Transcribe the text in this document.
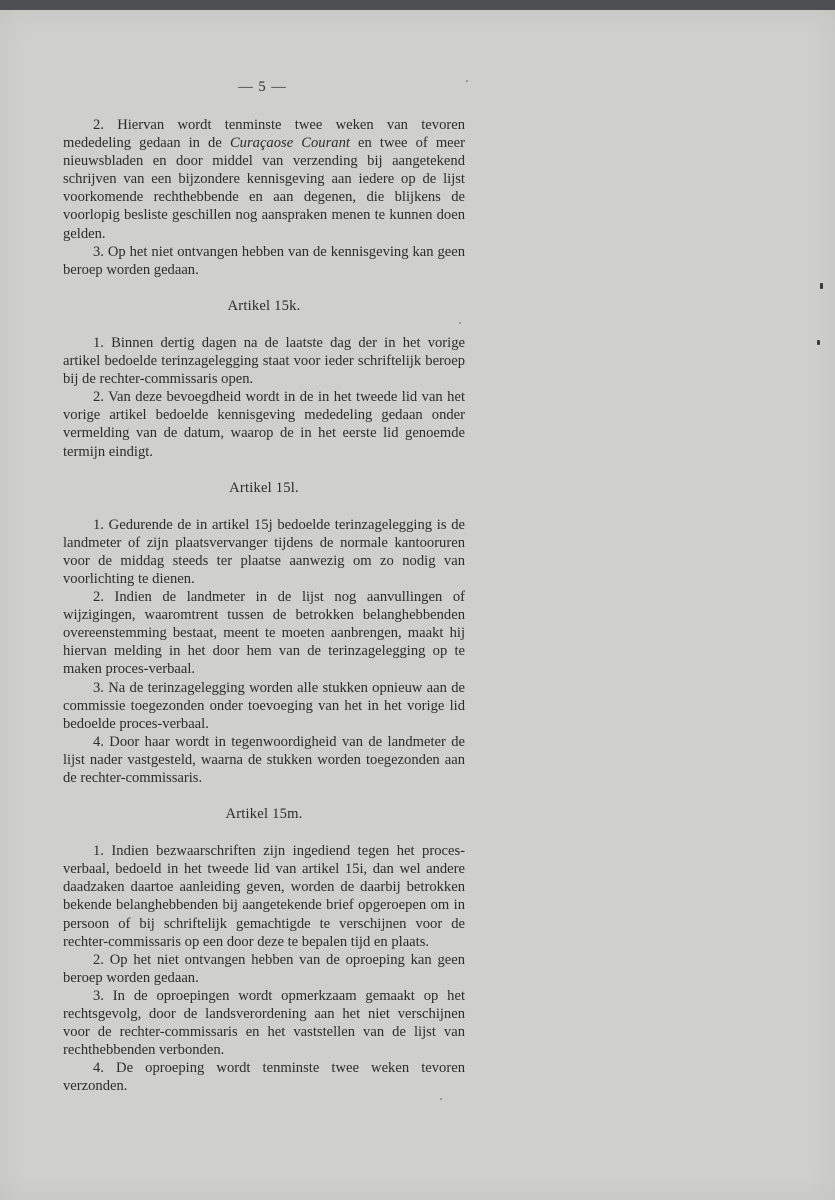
— 5 —

2. Hiervan wordt tenminste twee weken van tevoren mededeling gedaan in de Curaçaose Courant en twee of meer nieuwsbladen en door middel van verzending bij aangetekend schrijven van een bijzondere kennisgeving aan iedere op de lijst voorkomende rechthebbende en aan degenen, die blijkens de voorlopig besliste geschillen nog aanspraken menen te kunnen doen gelden.

3. Op het niet ontvangen hebben van de kennisgeving kan geen beroep worden gedaan.

Artikel 15k.

1. Binnen dertig dagen na de laatste dag der in het vorige artikel bedoelde terinzagelegging staat voor ieder schriftelijk beroep bij de rechter-commissaris open.

2. Van deze bevoegdheid wordt in de in het tweede lid van het vorige artikel bedoelde kennisgeving mededeling gedaan onder vermelding van de datum, waarop de in het eerste lid genoemde termijn eindigt.

Artikel 15l.

1. Gedurende de in artikel 15j bedoelde terinzagelegging is de landmeter of zijn plaatsvervanger tijdens de normale kantooruren voor de middag steeds ter plaatse aanwezig om zo nodig van voorlichting te dienen.

2. Indien de landmeter in de lijst nog aanvullingen of wijzigingen, waaromtrent tussen de betrokken belanghebbenden overeenstemming bestaat, meent te moeten aanbrengen, maakt hij hiervan melding in het door hem van de terinzagelegging op te maken proces-verbaal.

3. Na de terinzagelegging worden alle stukken opnieuw aan de commissie toegezonden onder toevoeging van het in het vorige lid bedoelde proces-verbaal.

4. Door haar wordt in tegenwoordigheid van de landmeter de lijst nader vastgesteld, waarna de stukken worden toegezonden aan de rechter-commissaris.

Artikel 15m.

1. Indien bezwaarschriften zijn ingediend tegen het proces-verbaal, bedoeld in het tweede lid van artikel 15i, dan wel andere daadzaken daartoe aanleiding geven, worden de daarbij betrokken bekende belanghebbenden bij aangetekende brief opgeroepen om in persoon of bij schriftelijk gemachtigde te verschijnen voor de rechter-commissaris op een door deze te bepalen tijd en plaats.

2. Op het niet ontvangen hebben van de oproeping kan geen beroep worden gedaan.

3. In de oproepingen wordt opmerkzaam gemaakt op het rechtsgevolg, door de landsverordening aan het niet verschijnen voor de rechter-commissaris en het vaststellen van de lijst van rechthebbenden verbonden.

4. De oproeping wordt tenminste twee weken tevoren verzonden.
